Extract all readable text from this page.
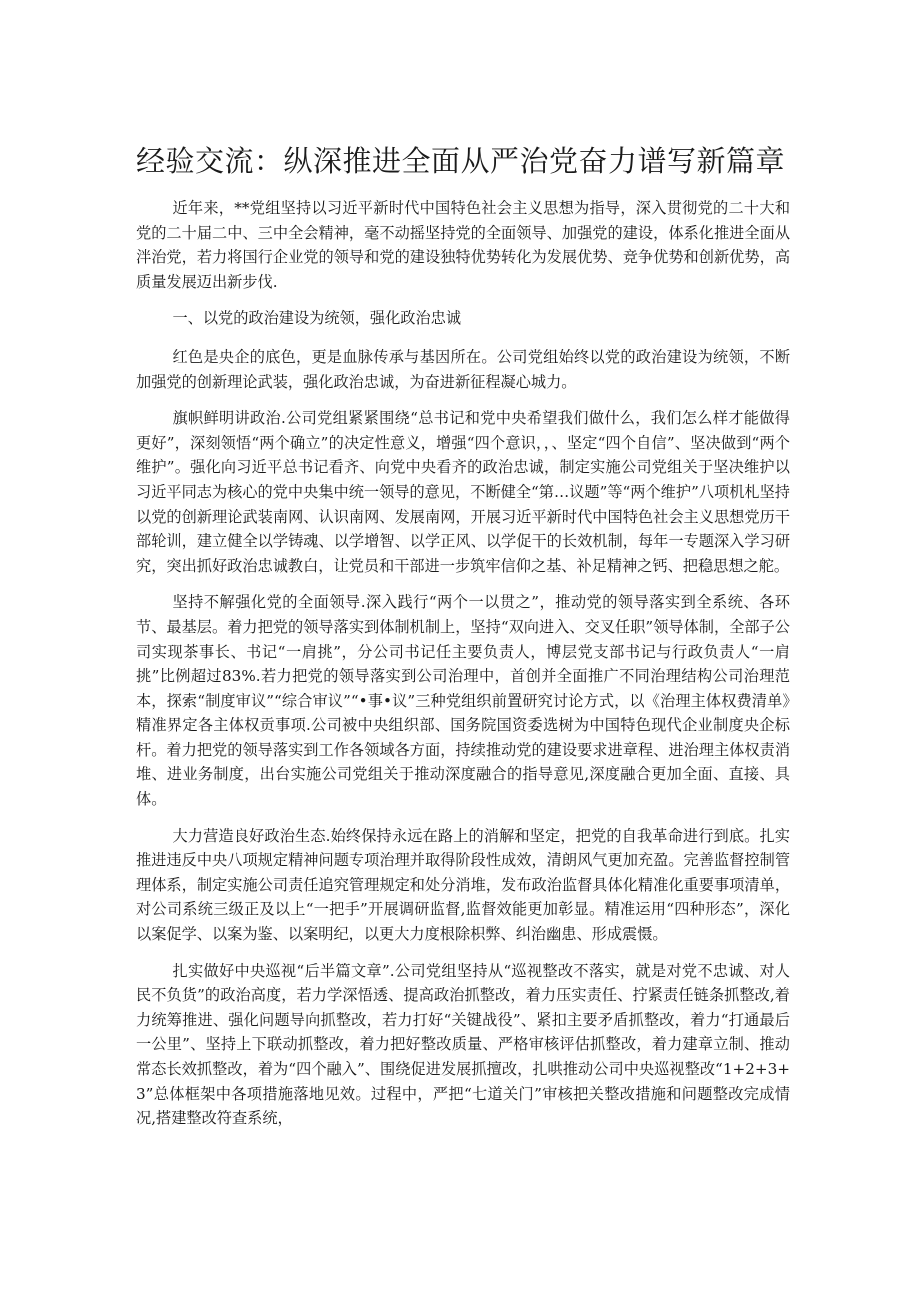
经验交流：纵深推进全面从严治党奋力谱写新篇章

近年来，**党组坚持以习近平新时代中国特色社会主义思想为指导，深入贯彻党的二十大和党的二十届二中、三中全会精神，毫不动摇坚持党的全面领导、加强党的建设，体系化推进全面从泮治党，若力将国行企业党的领导和党的建设独特优势转化为发展优势、竞争优势和创新优势，高质量发展迈出新步伐.

一、以党的政治建设为统领，强化政治忠诚

红色是央企的底色，更是血脉传承与基因所在。公司党组始终以党的政治建设为统领，不断加强党的创新理论武装，强化政治忠诚，为奋进新征程凝心城力。

旗帜鲜明讲政治.公司党组紧紧围绕“总书记和党中央希望我们做什么，我们怎么样才能做得更好”，深刻领悟“两个确立”的决定性意义，增强“四个意识，，、坚定“四个自信”、坚决做到“两个维护”。强化向习近平总书记看齐、向党中央看齐的政治忠诚，制定实施公司党组关于坚决维护以习近平同志为核心的党中央集中统一领导的意见，不断健全“第…议题”等“两个维护”八项机札坚持以党的创新理论武装南网、认识南网、发展南网，开展习近平新时代中国特色社会主义思想党历干部轮训，建立健全以学铸魂、以学增智、以学正风、以学促干的长效机制，每年一专题深入学习研究，突出抓好政治忠诚教白，让党员和干部进一步筑牢信仰之基、补足精神之钙、把稳思想之舵。

坚持不解强化党的全面领导.深入践行“两个一以贯之”，推动党的领导落实到全系统、各环节、最基层。着力把党的领导落实到体制机制上，坚持“双向进入、交叉任职”领导体制，全部子公司实现茶事长、书记“一肩挑”，分公司书记任主要负责人，博层党支部书记与行政负责人“一肩挑”比例超过83%.若力把党的领导落实到公司治理中，首创并全面推广不同治理结构公司治理范本，探索“制度审议”“综合审议”“•事•议”三种党组织前置研究讨论方式，以《治理主体权费清单》精准界定各主体权贡事项.公司被中央组织部、国务院国资委选树为中国特色现代企业制度央企标杆。着力把党的领导落实到工作各领域各方面，持续推动党的建设要求进章程、进治理主体权责消堆、进业务制度，出台实施公司党组关于推动深度融合的指导意见,深度融合更加全面、直接、具体。

大力营造良好政治生态.始终保持永远在路上的消解和坚定，把党的自我革命进行到底。扎实推进违反中央八项规定精神问题专项治理并取得阶段性成效，清朗风气更加充盈。完善监督控制管理体系，制定实施公司责任追究管理规定和处分消堆，发布政治监督具体化精准化重要事项清单，对公司系统三级正及以上“一把手”开展调研监督,监督效能更加彰显。精准运用“四种形态”，深化以案促学、以案为鉴、以案明纪，以更大力度根除枳弊、纠治幽患、形成震慑。

扎实做好中央巡视“后半篇文章”.公司党组坚持从“巡视整改不落实，就是对党不忠诚、对人民不负货”的政治高度，若力学深悟透、提高政治抓整改，着力压实责任、拧紧责任链条抓整改,着力统筹推进、强化问题导向抓整改，若力打好“关键战役”、紧扣主要矛盾抓整改，着力“打通最后一公里”、坚持上下联动抓整改，着力把好整改质量、严格审核评估抓整改，着力建章立制、推动常态长效抓整改，着为“四个融入”、围绕促进发展抓擅改，扎哄推动公司中央巡视整改“1+2+3+3”总体框架中各项措施落地见效。过程中，严把“七道关门”审核把关整改措施和问题整改完成情况,搭建整改符查系统，
